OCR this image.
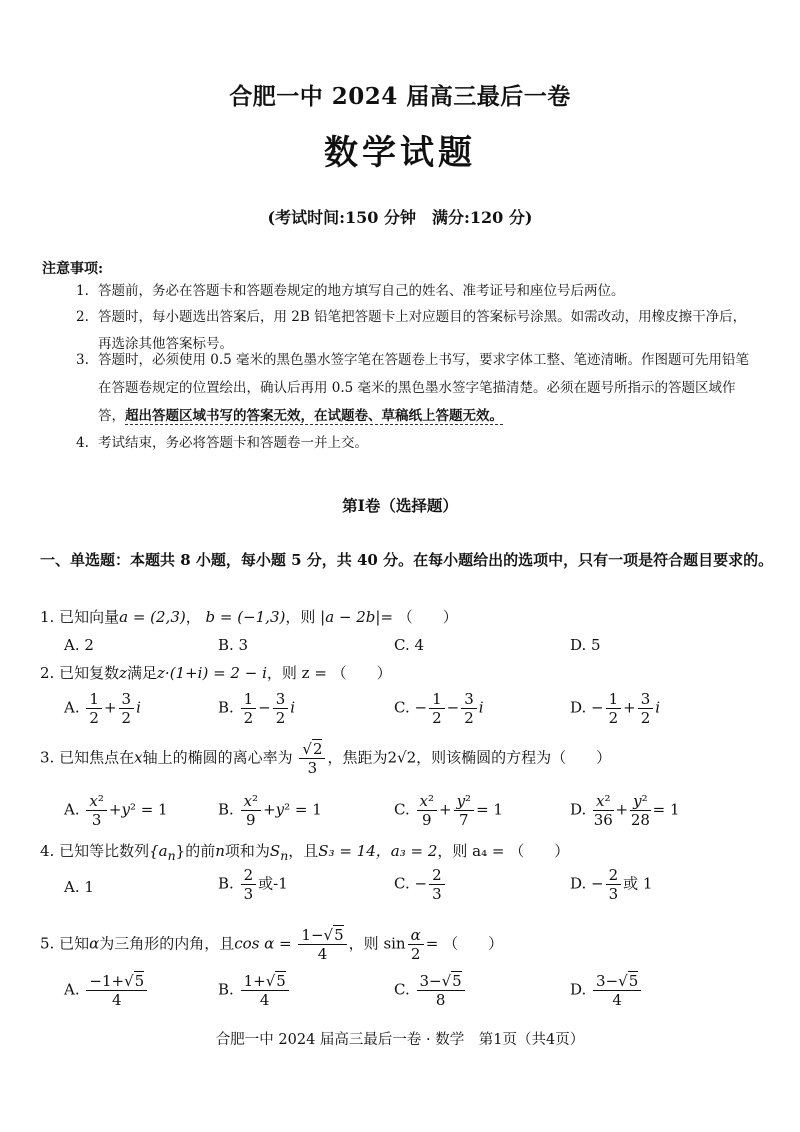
合肥一中 2024 届高三最后一卷
数学试题
(考试时间:150 分钟　满分:120 分)
注意事项:
1. 答题前，务必在答题卡和答题卷规定的地方填写自己的姓名、准考证号和座位号后两位。
2. 答题时，每小题选出答案后，用 2B 铅笔把答题卡上对应题目的答案标号涂黑。如需改动，用橡皮擦干净后，再选涂其他答案标号。
3. 答题时，必须使用 0.5 毫米的黑色墨水签字笔在答题卷上书写，要求字体工整、笔迹清晰。作图题可先用铅笔在答题卷规定的位置绘出，确认后再用 0.5 毫米的黑色墨水签字笔描清楚。必须在题号所指示的答题区域作答，超出答题区域书写的答案无效，在试题卷、草稿纸上答题无效。
4. 考试结束，务必将答题卡和答题卷一并上交。
第Ⅰ卷（选择题）
一、单选题：本题共 8 小题，每小题 5 分，共 40 分。在每小题给出的选项中，只有一项是符合题目要求的。
1. 已知向量a = (2,3)， b = (−1,3)，则 |a − 2b|= （　　）
A. 2	B. 3	C. 4	D. 5
2. 已知复数z满足z·(1+i) = 2 − i，则 z = （　　）
A. $\frac{1}{2} + \frac{3}{2}$ i	B. $\frac{1}{2} - \frac{3}{2}$ i	C. − $\frac{1}{2} - \frac{3}{2}$ i	D. − $\frac{1}{2} + \frac{3}{2}$ i
3. 已知焦点在x轴上的椭圆的离心率为 $\frac{√2}{3}$ ，焦距为2√2，则该椭圆的方程为（　　）
A. $\frac{\text{x²}}{3} +y^2 = 1$	B. $\frac{\text{x²}}{9} +y^2 = 1$	C. $\frac{\text{x²}}{9} + \frac{\text{y²}}{7} = 1$	D. $\frac{\text{x²}}{36} + \frac{\text{y²}}{28} = 1$
4. 已知等比数列$\{a_n\}$的前n项和为$S_n$，且S₃ = 14，a₃ = 2，则 a₄ = （　　）
A. 1	B. $\frac{2}{3}$ 或-1	C. − $\frac{2}{3}$	D. − $\frac{2}{3}$ 或 1
5. 已知α为三角形的内角，且$\cos \alpha = \frac{1-√5}{4}$ ，则 $\sin \frac{\alpha}{2}$ = （　　）
A. $\frac{-1+√5}{4}$	B. $\frac{1+√5}{4}$	C. $\frac{3-√5}{8}$	D. $\frac{3-√5}{4}$
合肥一中 2024 届高三最后一卷 · 数学　第1页（共4页）
